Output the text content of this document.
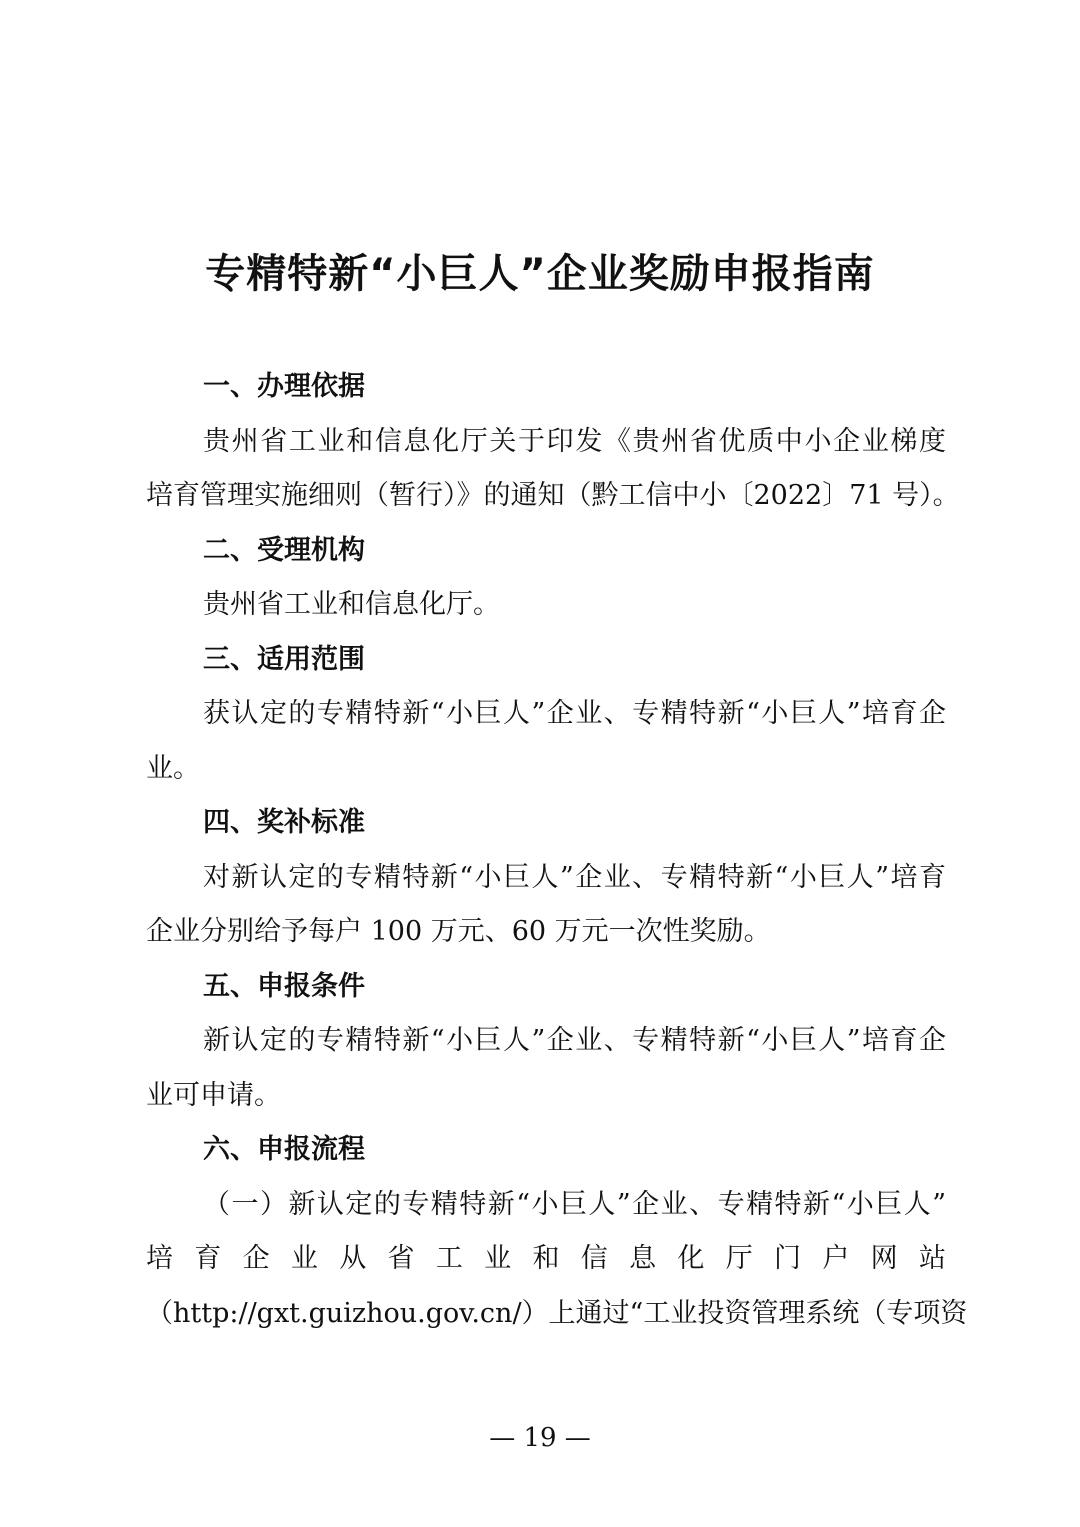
专精特新“小巨人”企业奖励申报指南
一、办理依据
贵州省工业和信息化厅关于印发《贵州省优质中小企业梯度
培育管理实施细则（暂行）》的通知（黔工信中小〔2022〕71 号）。
二、受理机构
贵州省工业和信息化厅。
三、适用范围
获认定的专精特新“小巨人”企业、专精特新“小巨人”培育企
业。
四、奖补标准
对新认定的专精特新“小巨人”企业、专精特新“小巨人”培育
企业分别给予每户 100 万元、60 万元一次性奖励。
五、申报条件
新认定的专精特新“小巨人”企业、专精特新“小巨人”培育企
业可申请。
六、申报流程
（一）新认定的专精特新“小巨人”企业、专精特新“小巨人”
培育企业从省工业和信息化厅门户网站
（http://gxt.guizhou.gov.cn/）上通过“工业投资管理系统（专项资
— 19 —
